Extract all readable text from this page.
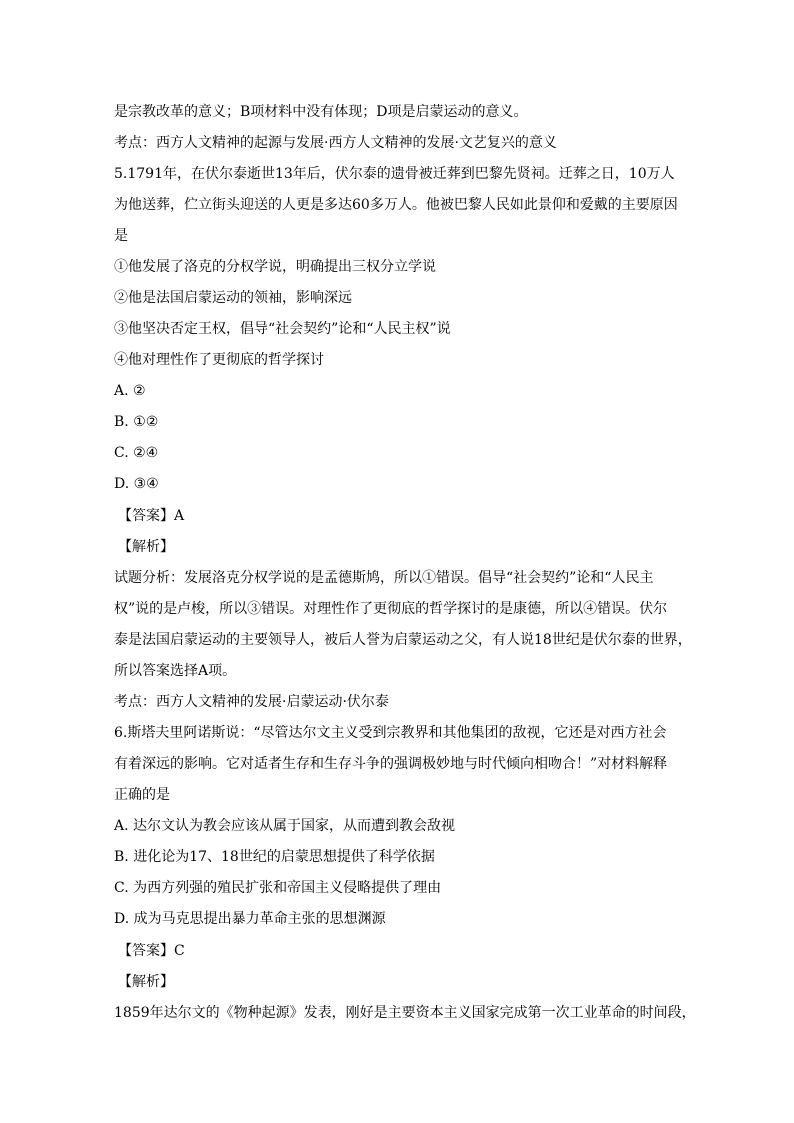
是宗教改革的意义；B项材料中没有体现；D项是启蒙运动的意义。
考点：西方人文精神的起源与发展·西方人文精神的发展·文艺复兴的意义
5.1791年，在伏尔泰逝世13年后，伏尔泰的遗骨被迁葬到巴黎先贤祠。迁葬之日，10万人
为他送葬，伫立街头迎送的人更是多达60多万人。他被巴黎人民如此景仰和爱戴的主要原因
是
①他发展了洛克的分权学说，明确提出三权分立学说
②他是法国启蒙运动的领袖，影响深远
③他坚决否定王权，倡导“社会契约”论和“人民主权”说
④他对理性作了更彻底的哲学探讨
A. ②
B. ①②
C. ②④
D. ③④
【答案】A
【解析】
试题分析：发展洛克分权学说的是孟德斯鸠，所以①错误。倡导“社会契约”论和“人民主
权”说的是卢梭，所以③错误。对理性作了更彻底的哲学探讨的是康德，所以④错误。伏尔
泰是法国启蒙运动的主要领导人，被后人誉为启蒙运动之父，有人说18世纪是伏尔泰的世界，
所以答案选择A项。
考点：西方人文精神的发展·启蒙运动·伏尔泰
6.斯塔夫里阿诺斯说：“尽管达尔文主义受到宗教界和其他集团的敌视，它还是对西方社会
有着深远的影响。它对适者生存和生存斗争的强调极妙地与时代倾向相吻合！”对材料解释
正确的是
A. 达尔文认为教会应该从属于国家，从而遭到教会敌视
B. 进化论为17、18世纪的启蒙思想提供了科学依据
C. 为西方列强的殖民扩张和帝国主义侵略提供了理由
D. 成为马克思提出暴力革命主张的思想渊源
【答案】C
【解析】
1859年达尔文的《物种起源》发表，刚好是主要资本主义国家完成第一次工业革命的时间段，
